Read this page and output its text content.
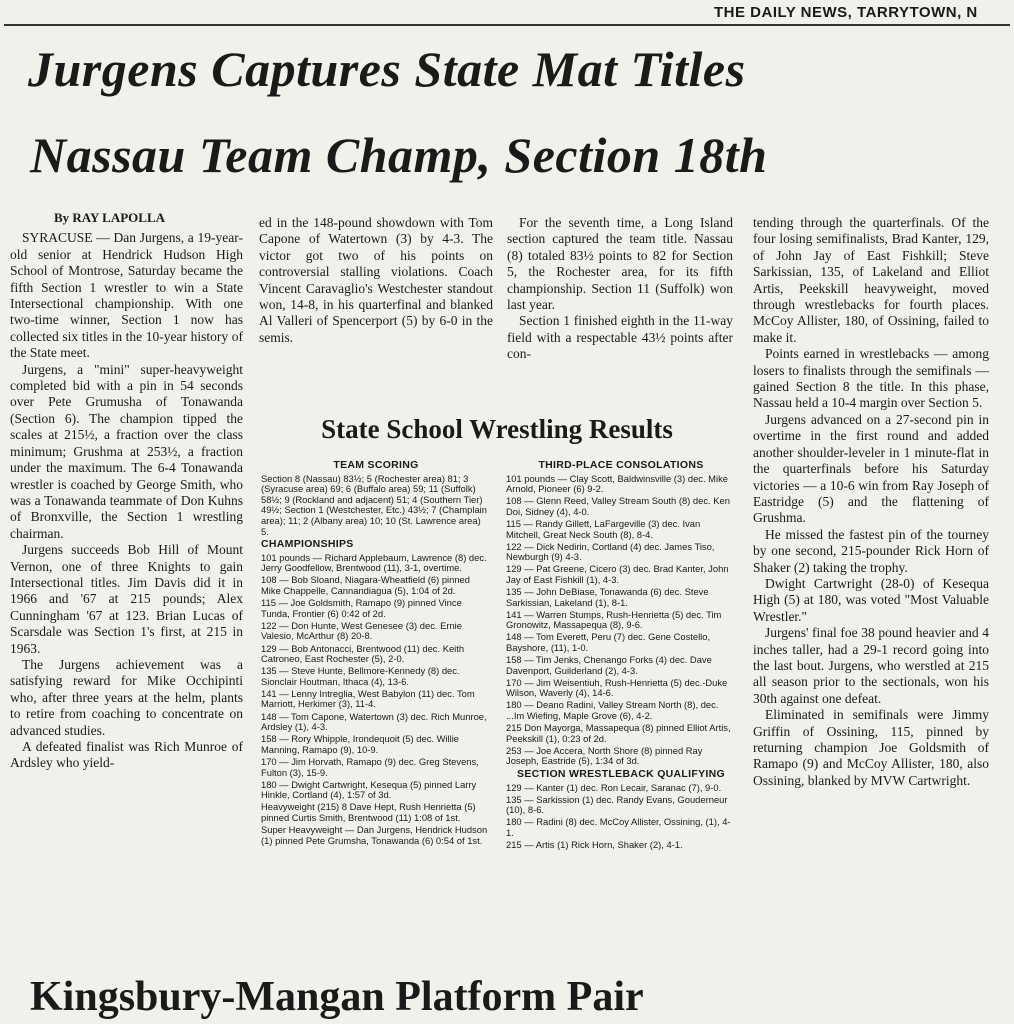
THE DAILY NEWS, TARRYTOWN, N
Jurgens Captures State Mat Titles
Nassau Team Champ, Section 18th
By RAY LAPOLLA

SYRACUSE — Dan Jurgens, a 19-year-old senior at Hendrick Hudson High School of Montrose, Saturday became the fifth Section 1 wrestler to win a State Intersectional championship. With one two-time winner, Section 1 now has collected six titles in the 10-year history of the State meet.

Jurgens, a "mini" super-heavyweight completed bid with a pin in 54 seconds over Pete Grumusha of Tonawanda (Section 6). The champion tipped the scales at 215½, a fraction over the class minimum; Grushma at 253½, a fraction under the maximum. The 6-4 Tonawanda wrestler is coached by George Smith, who was a Tonawanda teammate of Don Kuhns of Bronxville, the Section 1 wrestling chairman.

Jurgens succeeds Bob Hill of Mount Vernon, one of three Knights to gain Intersectional titles. Jim Davis did it in 1966 and '67 at 215 pounds; Alex Cunningham '67 at 123. Brian Lucas of Scarsdale was Section 1's first, at 215 in 1963.

The Jurgens achievement was a satisfying reward for Mike Occhipinti who, after three years at the helm, plants to retire from coaching to concentrate on advanced studies.

A defeated finalist was Rich Munroe of Ardsley who yield-

ed in the 148-pound showdown with Tom Capone of Watertown (3) by 4-3. The victor got two of his points on controversial stalling violations. Coach Vincent Caravaglio's Westchester standout won, 14-8, in his quarterfinal and blanked Al Valleri of Spencerport (5) by 6-0 in the semis.

For the seventh time, a Long Island section captured the team title. Nassau (8) totaled 83½ points to 82 for Section 5, the Rochester area, for its fifth championship. Section 11 (Suffolk) won last year.

Section 1 finished eighth in the 11-way field with a respectable 43½ points after con-

tending through the quarterfinals. Of the four losing semifinalists, Brad Kanter, 129, of John Jay of East Fishkill; Steve Sarkissian, 135, of Lakeland and Elliot Artis, Peekskill heavyweight, moved through wrestlebacks for fourth places. McCoy Allister, 180, of Ossining, failed to make it.

Points earned in wrestlebacks — among losers to finalists through the semifinals — gained Section 8 the title. In this phase, Nassau held a 10-4 margin over Section 5.

Jurgens advanced on a 27-second pin in overtime in the first round and added another shoulder-leveler in 1 minute-flat in the quarterfinals before his Saturday victories — a 10-6 win from Ray Joseph of Eastridge (5) and the flattening of Grushma.

He missed the fastest pin of the tourney by one second, 215-pounder Rick Horn of Shaker (2) taking the trophy.

Dwight Cartwright (28-0) of Kesequa High (5) at 180, was voted "Most Valuable Wrestler."

Jurgens' final foe 38 pound heavier and 4 inches taller, had a 29-1 record going into the last bout. Jurgens, who werstled at 215 all season prior to the sectionals, won his 30th against one defeat.

Eliminated in semifinals were Jimmy Griffin of Ossining, 115, pinned by returning champion Joe Goldsmith of Ramapo (9) and McCoy Allister, 180, also Ossining, blanked by MVW Cartwright.

State School Wrestling Results
TEAM SCORING
Section 8 (Nassau) 83½; 5 (Rochester area) 81; 3 (Syracuse area) 69; 6 (Buffalo area) 59; 11 (Suffolk) 58½; 9 (Rockland and adjacent) 51; 4 (Southern Tier) 49½; Section 1 (Westchester, Etc.) 43½; 7 (Champlain area); 11; 2 (Albany area) 10; 10 (St. Lawrence area) 5.
CHAMPIONSHIPS
101 pounds — Richard Applebaum, Lawrence (8) dec. Jerry Goodfellow, Brentwood (11), 3-1, overtime.
108 — Bob Sloand, Niagara-Wheatfield (6) pinned Mike Chappelle, Cannandiagua (5), 1:04 of 2d.
115 — Joe Goldsmith, Ramapo (9) pinned Vince Tunda, Frontier (6) 0:42 of 2d.
122 — Don Hunte, West Genesee (3) dec. Ernie Valesio, McArthur (8) 20-8.
129 — Bob Antonacci, Brentwood (11) dec. Keith Catroneo, East Rochester (5), 2-0.
135 — Steve Hunte, Bellmore-Kennedy (8) dec. Sionclair Houtman, Ithaca (4), 13-6.
141 — Lenny Intreglia, West Babylon (11) dec. Tom Marriott, Herkimer (3), 11-4.
148 — Tom Capone, Watertown (3) dec. Rich Munroe, Ardsley (1), 4-3.
158 — Rory Whipple, Irondequoit (5) dec. Willie Manning, Ramapo (9), 10-9.
170 — Jim Horvath, Ramapo (9) dec. Greg Stevens, Fulton (3), 15-9.
180 — Dwight Cartwright, Kesequa (5) pinned Larry Hinkle, Cortland (4), 1:57 of 3d.
Heavyweight (215) 8 Dave Hept, Rush Henrietta (5) pinned Curtis Smith, Brentwood (11) 1:08 of 1st.
Super Heavyweight — Dan Jurgens, Hendrick Hudson (1) pinned Pete Grumsha, Tonawanda (6) 0:54 of 1st.
THIRD-PLACE CONSOLATIONS
101 pounds — Clay Scott, Baldwinsville (3) dec. Mike Arnold, Pioneer (6) 9-2.
108 — Glenn Reed, Valley Stream South (8) dec. Ken Doi, Sidney (4), 4-0.
115 — Randy Gillett, LaFargeville (3) dec. Ivan Mitchell, Great Neck South (8), 8-4.
122 — Dick Nedirin, Cortland (4) dec. James Tiso, Newburgh (9) 4-3.
129 — Pat Greene, Cicero (3) dec. Brad Kanter, John Jay of East Fishkill (1), 4-3.
135 — John DeBiase, Tonawanda (6) dec. Steve Sarkissian, Lakeland (1), 8-1.
141 — Warren Stumps, Rush-Henrietta (5) dec. Tim Gronowitz, Massapequa (8), 9-6.
148 — Tom Everett, Peru (7) dec. Gene Costello, Bayshore, (11), 1-0.
158 — Tim Jenks, Chenango Forks (4) dec. Dave Davenport, Guilderland (2), 4-3.
170 — Jim Weisentiuh, Rush-Henrietta (5) dec.-Duke Wilson, Waverly (4), 14-6.
180 — Deano Radini, Valley Stream North (8), dec. ...Im Wiefing, Maple Grove (6), 4-2.
215 Don Mayorga, Massapequa (8) pinned Elliot Artis, Peekskill (1), 0:23 of 2d.
253 — Joe Accera, North Shore (8) pinned Ray Joseph, Eastride (5), 1:34 of 3d.
SECTION WRESTLEBACK QUALIFYING
129 — Kanter (1) dec. Ron Lecair, Saranac (7), 9-0.
135 — Sarkission (1) dec. Randy Evans, Gouderneur (10), 8-6.
180 — Radini (8) dec. McCoy Allister, Ossining, (1), 4-1.
215 — Artis (1) Rick Horn, Shaker (2), 4-1.
Kingsbury-Mangan Platform Pair
